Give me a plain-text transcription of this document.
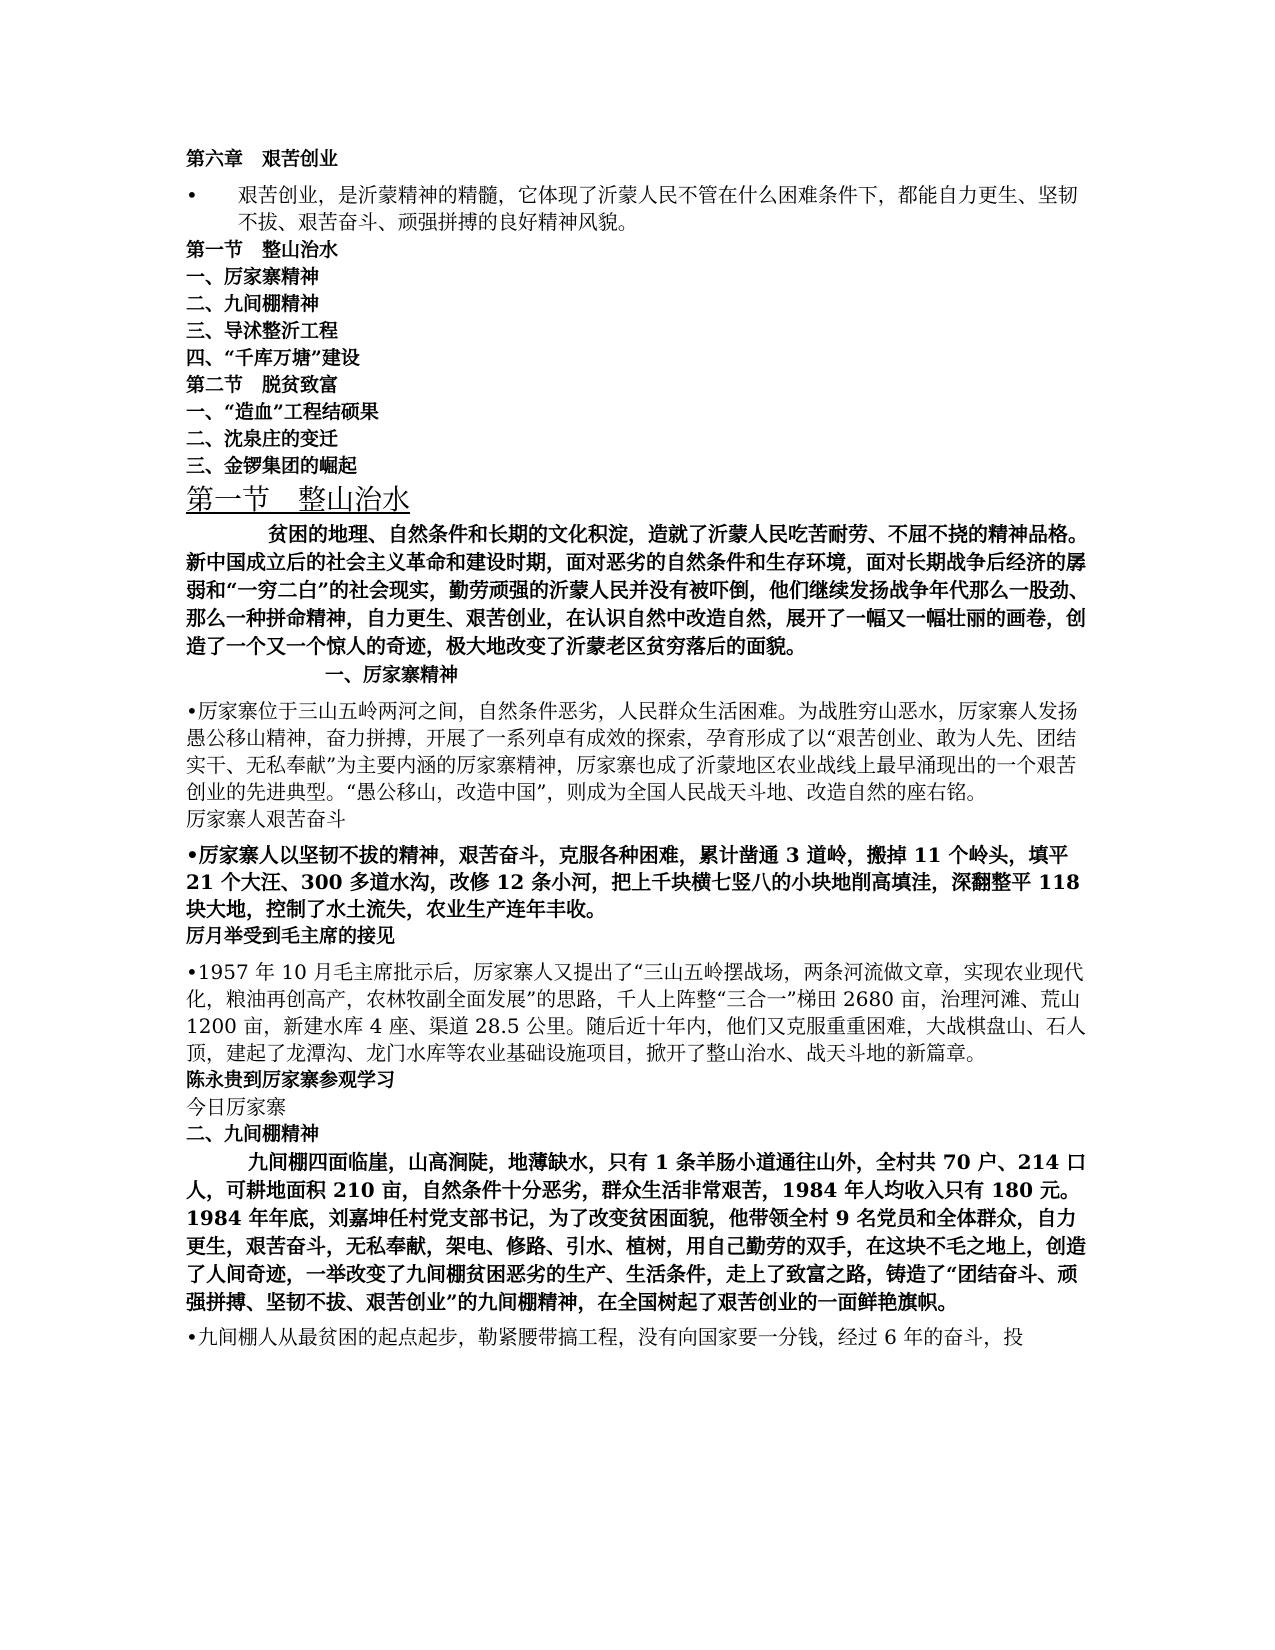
第六章　艰苦创业
• 艰苦创业，是沂蒙精神的精髓，它体现了沂蒙人民不管在什么困难条件下，都能自力更生、坚韧不拔、艰苦奋斗、顽强拼搏的良好精神风貌。
第一节　整山治水
一、厉家寨精神
二、九间棚精神
三、导沭整沂工程
四、“千库万塘”建设
第二节　脱贫致富
一、“造血”工程结硕果
二、沈泉庄的变迁
三、金锣集团的崛起
第一节　整山治水
贫困的地理、自然条件和长期的文化积淀，造就了沂蒙人民吃苦耐劳、不屈不挠的精神品格。新中国成立后的社会主义革命和建设时期，面对恶劣的自然条件和生存环境，面对长期战争后经济的孱弱和“一穷二白”的社会现实，勤劳顽强的沂蒙人民并没有被吓倒，他们继续发扬战争年代那么一股劲、那么一种拼命精神，自力更生、艰苦创业，在认识自然中改造自然，展开了一幅又一幅壮丽的画卷，创造了一个又一个惊人的奇迹，极大地改变了沂蒙老区贫穷落后的面貌。
一、厉家寨精神
•厉家寨位于三山五岭两河之间，自然条件恶劣，人民群众生活困难。为战胜穷山恶水，厉家寨人发扬愚公移山精神，奋力拼搏，开展了一系列卓有成效的探索，孕育形成了以“艰苦创业、敢为人先、团结实干、无私奉献”为主要内涵的厉家寨精神，厉家寨也成了沂蒙地区农业战线上最早涌现出的一个艰苦创业的先进典型。“愚公移山，改造中国”，则成为全国人民战天斗地、改造自然的座右铭。
厉家寨人艰苦奋斗
•厉家寨人以坚韧不拔的精神，艰苦奋斗，克服各种困难，累计凿通 3 道岭，搬掉 11 个岭头，填平 21 个大汪、300 多道水沟，改修 12 条小河，把上千块横七竖八的小块地削高填洼，深翻整平 118 块大地，控制了水土流失，农业生产连年丰收。
厉月举受到毛主席的接见
•1957 年 10 月毛主席批示后，厉家寨人又提出了“三山五岭摆战场，两条河流做文章，实现农业现代化，粮油再创高产，农林牧副全面发展”的思路，千人上阵整“三合一”梯田 2680 亩，治理河滩、荒山 1200 亩，新建水库 4 座、渠道 28.5 公里。随后近十年内，他们又克服重重困难，大战棋盘山、石人顶，建起了龙潭沟、龙门水库等农业基础设施项目，掀开了整山治水、战天斗地的新篇章。
陈永贵到厉家寨参观学习
今日厉家寨
二、九间棚精神
九间棚四面临崖，山高涧陡，地薄缺水，只有 1 条羊肠小道通往山外，全村共 70 户、214 口人，可耕地面积 210 亩，自然条件十分恶劣，群众生活非常艰苦，1984 年人均收入只有 180 元。1984 年年底，刘嘉坤任村党支部书记，为了改变贫困面貌，他带领全村 9 名党员和全体群众，自力更生，艰苦奋斗，无私奉献，架电、修路、引水、植树，用自己勤劳的双手，在这块不毛之地上，创造了人间奇迹，一举改变了九间棚贫困恶劣的生产、生活条件，走上了致富之路，铸造了“团结奋斗、顽强拼搏、坚韧不拔、艰苦创业”的九间棚精神，在全国树起了艰苦创业的一面鲜艳旗帜。
•九间棚人从最贫困的起点起步，勒紧腰带搞工程，没有向国家要一分钱，经过 6 年的奋斗，投
